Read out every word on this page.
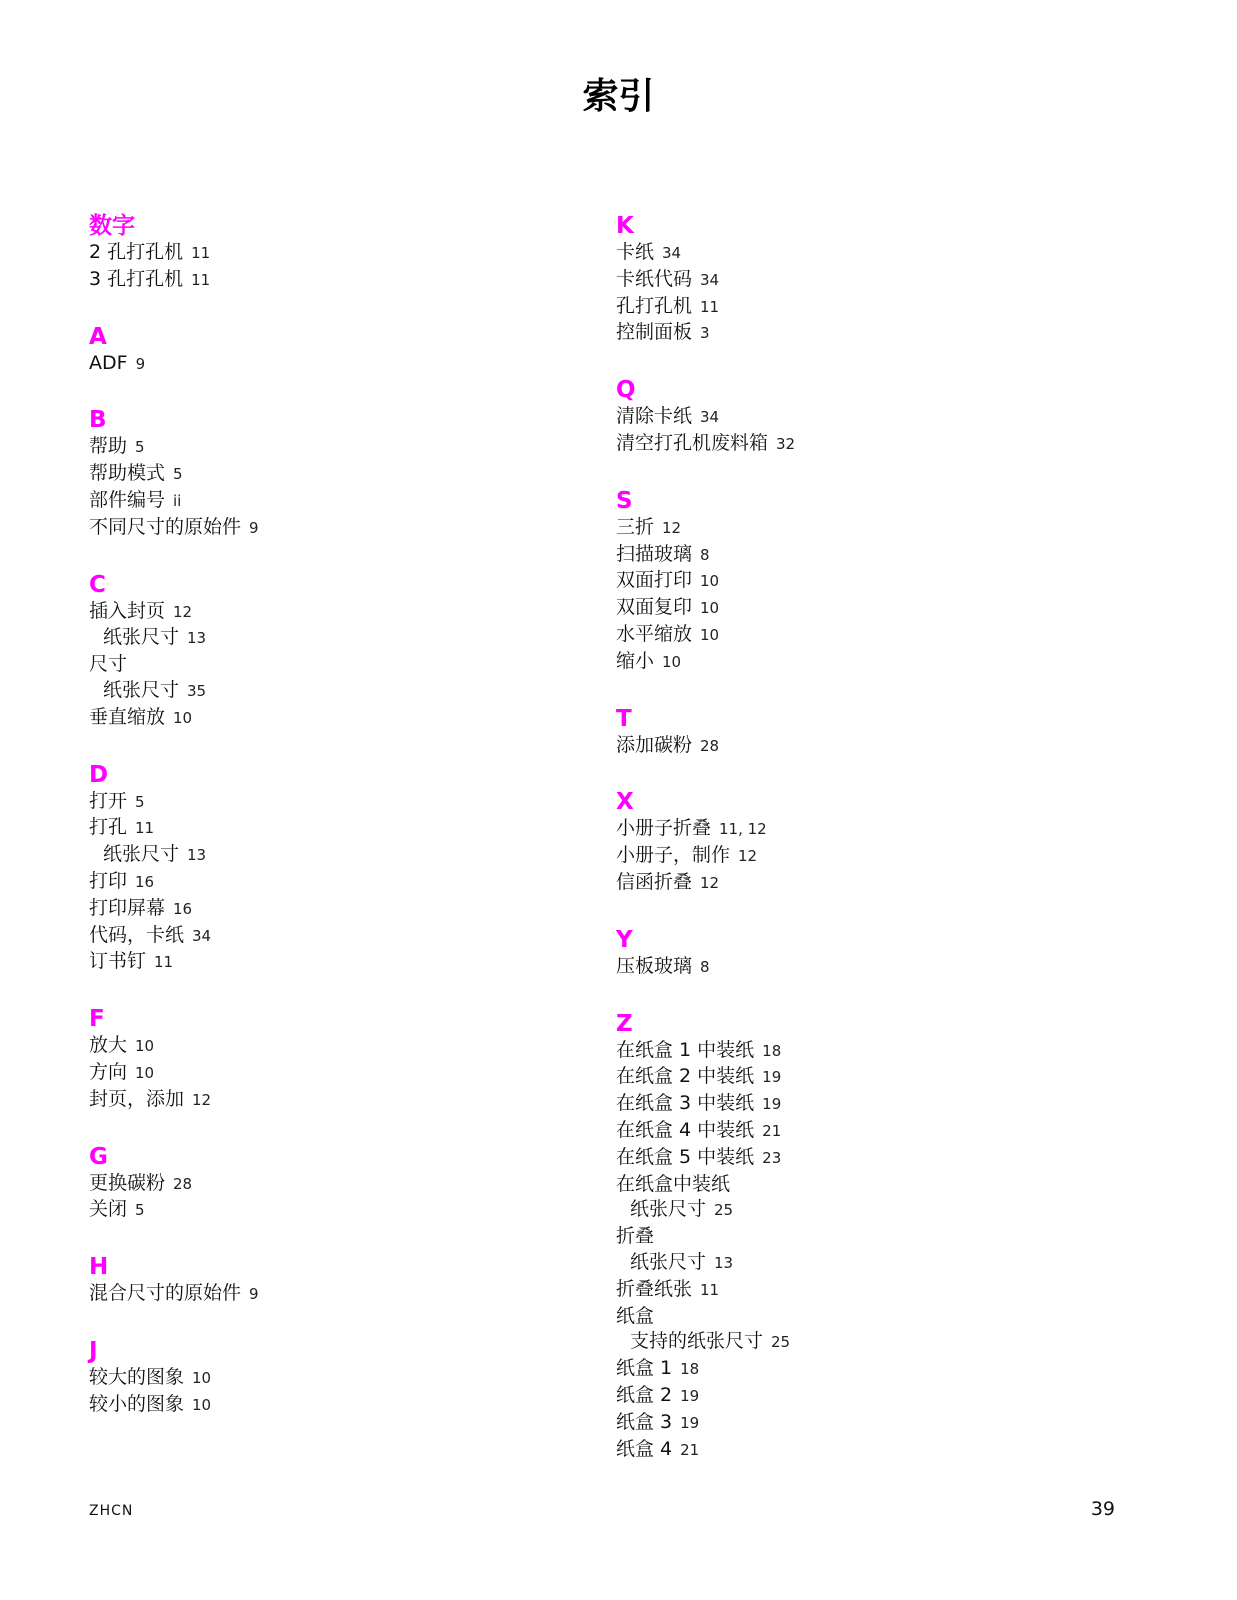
索引
数字
2 孔打孔机 11
3 孔打孔机 11
A
ADF 9
B
帮助 5
帮助模式 5
部件编号 ii
不同尺寸的原始件 9
C
插入封页 12
纸张尺寸 13
尺寸
纸张尺寸 35
垂直缩放 10
D
打开 5
打孔 11
纸张尺寸 13
打印 16
打印屏幕 16
代码，卡纸 34
订书钉 11
F
放大 10
方向 10
封页，添加 12
G
更换碳粉 28
关闭 5
H
混合尺寸的原始件 9
J
较大的图象 10
较小的图象 10
K
卡纸 34
卡纸代码 34
孔打孔机 11
控制面板 3
Q
清除卡纸 34
清空打孔机废料箱 32
S
三折 12
扫描玻璃 8
双面打印 10
双面复印 10
水平缩放 10
缩小 10
T
添加碳粉 28
X
小册子折叠 11, 12
小册子，制作 12
信函折叠 12
Y
压板玻璃 8
Z
在纸盒 1 中装纸 18
在纸盒 2 中装纸 19
在纸盒 3 中装纸 19
在纸盒 4 中装纸 21
在纸盒 5 中装纸 23
在纸盒中装纸
纸张尺寸 25
折叠
纸张尺寸 13
折叠纸张 11
纸盒
支持的纸张尺寸 25
纸盒 1 18
纸盒 2 19
纸盒 3 19
纸盒 4 21
ZHCN	39
